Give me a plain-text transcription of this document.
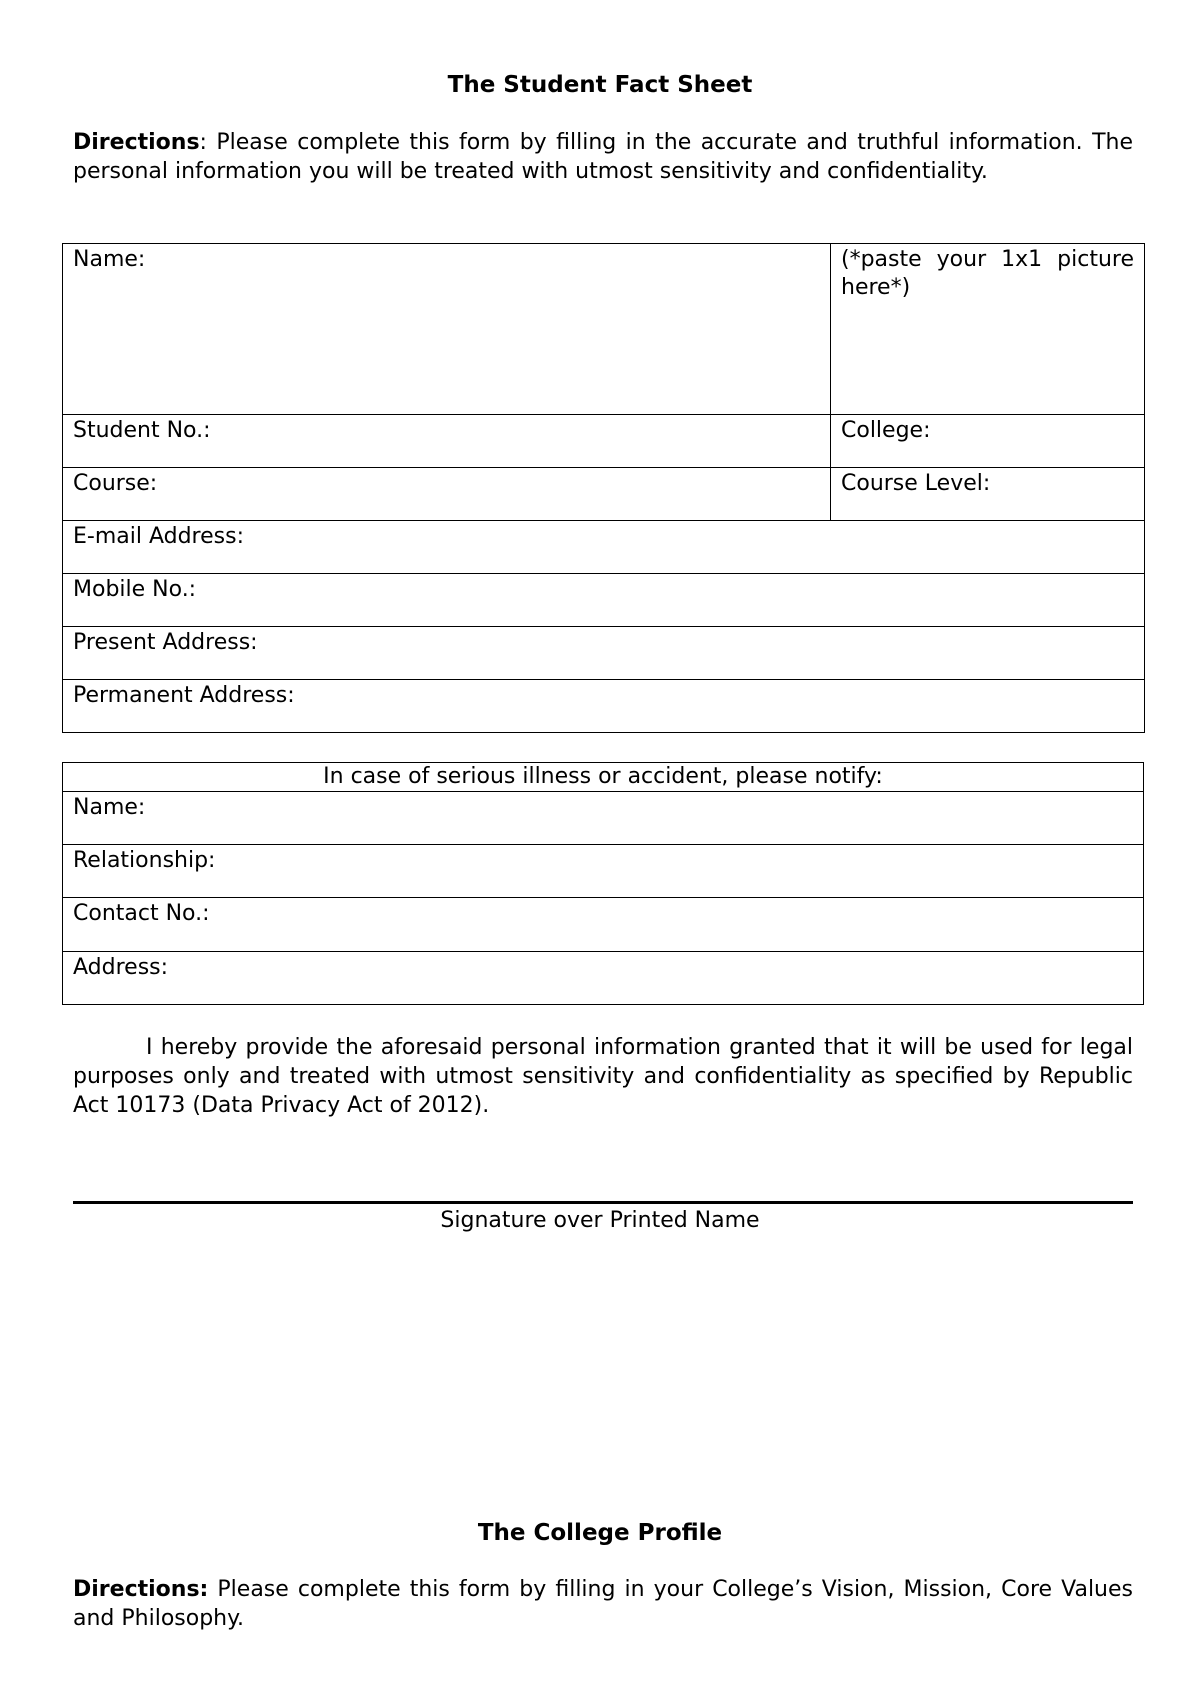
The Student Fact Sheet
Directions: Please complete this form by filling in the accurate and truthful information. The personal information you will be treated with utmost sensitivity and confidentiality.
Name:	(*paste your 1x1 picture here*)
Student No.:	College:
Course:	Course Level:
E-mail Address:	
Mobile No.:	
Present Address:	
Permanent Address:	
In case of serious illness or accident, please notify:
Name:
Relationship:
Contact No.:
Address:
I hereby provide the aforesaid personal information granted that it will be used for legal purposes only and treated with utmost sensitivity and confidentiality as specified by Republic Act 10173 (Data Privacy Act of 2012).
Signature over Printed Name
The College Profile
Directions: Please complete this form by filling in your College’s Vision, Mission, Core Values and Philosophy.
